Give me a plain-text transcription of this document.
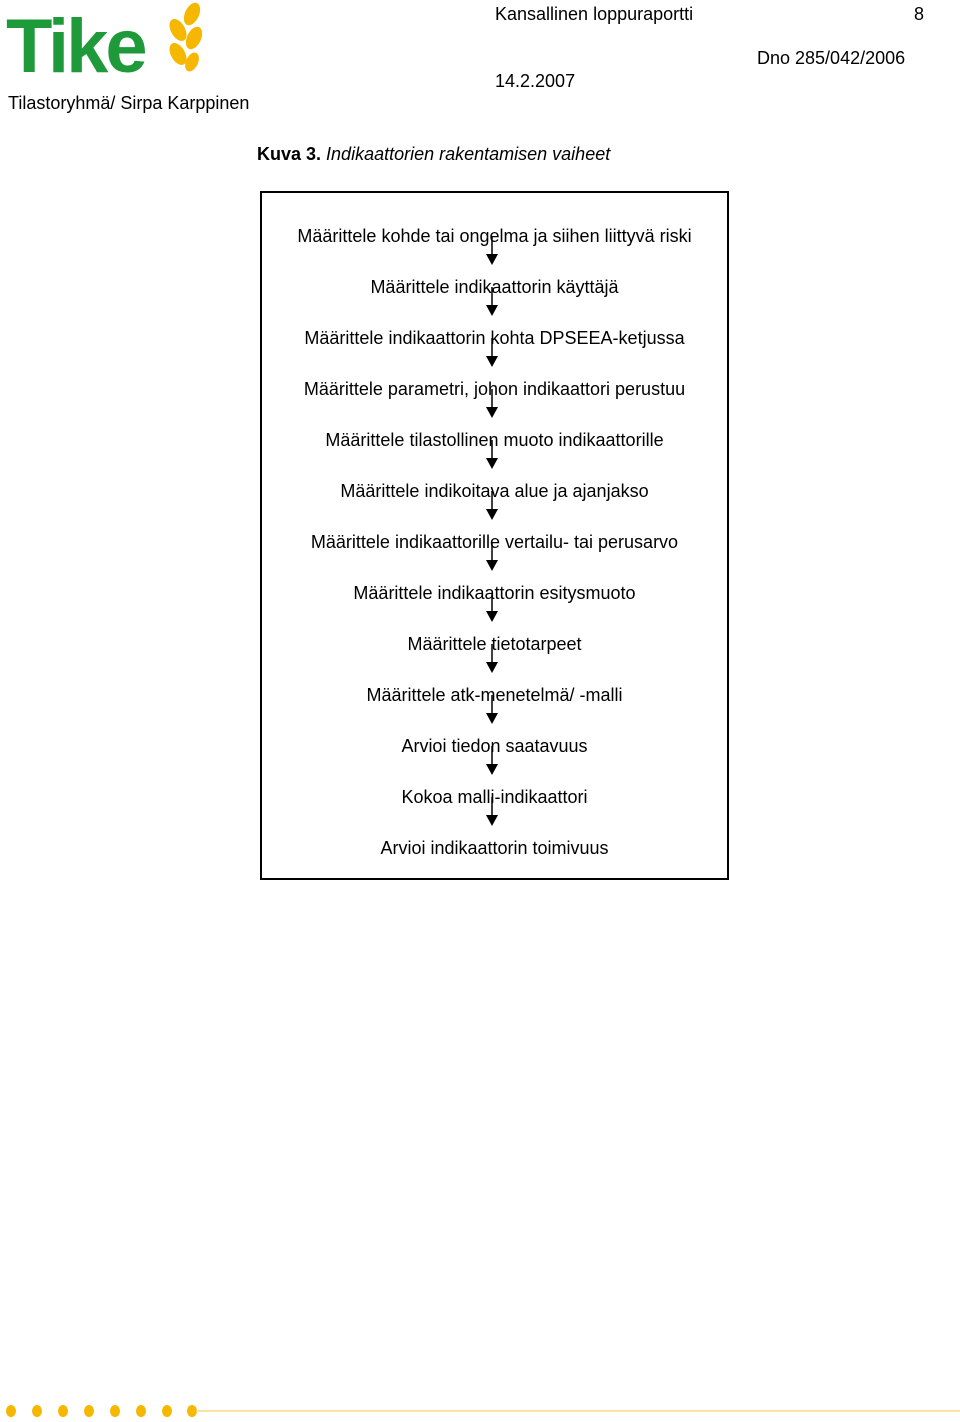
Tike	Kansallinen loppuraportti	8
Dno 285/042/2006
14.2.2007
Tilastoryhmä/ Sirpa Karppinen
Kuva 3. Indikaattorien rakentamisen vaiheet
Määrittele kohde tai ongelma ja siihen liittyvä riski
Määrittele indikaattorin käyttäjä
Määrittele indikaattorin kohta DPSEEA-ketjussa
Määrittele parametri, johon indikaattori perustuu
Määrittele tilastollinen muoto indikaattorille
Määrittele indikoitava alue ja ajanjakso
Määrittele indikaattorille vertailu- tai perusarvo
Määrittele indikaattorin esitysmuoto
Määrittele tietotarpeet
Määrittele atk-menetelmä/ -malli
Arvioi tiedon saatavuus
Kokoa malli-indikaattori
Arvioi indikaattorin toimivuus
